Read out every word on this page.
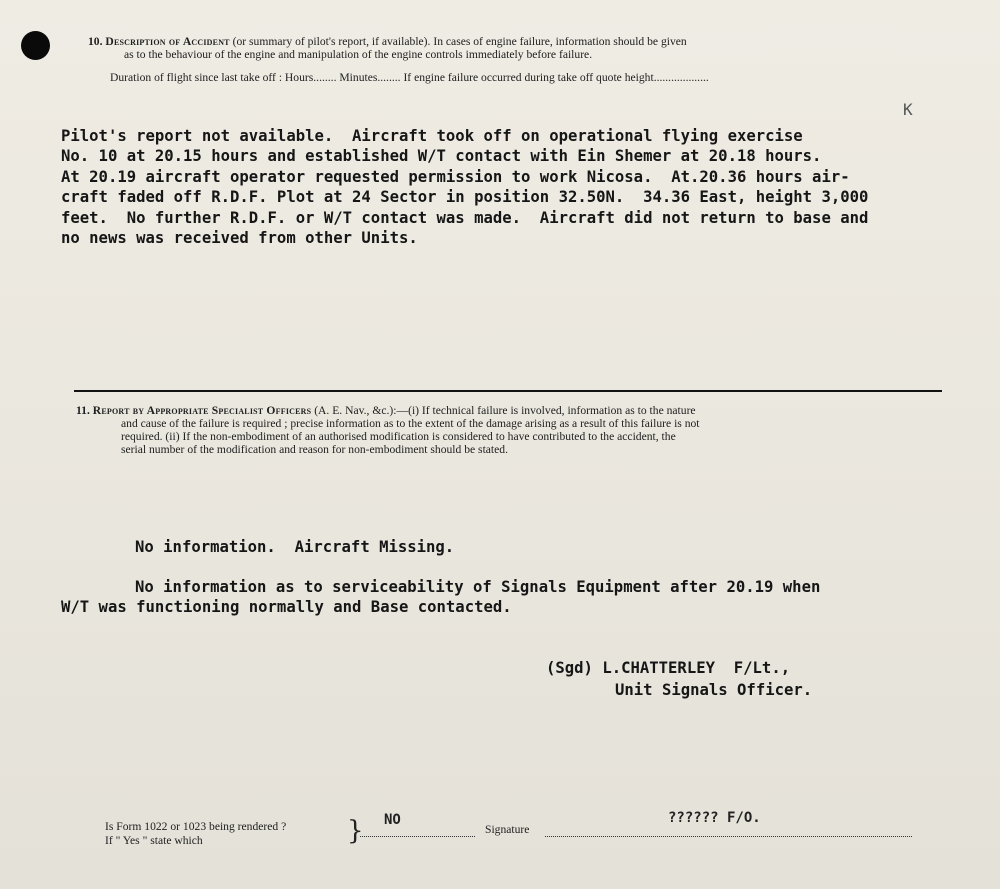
10. Description of Accident (or summary of pilot's report, if available). In cases of engine failure, information should be given
as to the behaviour of the engine and manipulation of the engine controls immediately before failure.
Duration of flight since last take off : Hours........ Minutes........ If engine failure occurred during take off quote height...................
K
Pilot's report not available.  Aircraft took off on operational flying exercise
No. 10 at 20.15 hours and established W/T contact with Ein Shemer at 20.18 hours.
At 20.19 aircraft operator requested permission to work Nicosa.  At.20.36 hours air-
craft faded off R.D.F. Plot at 24 Sector in position 32.50N.  34.36 East, height 3,000
feet.  No further R.D.F. or W/T contact was made.  Aircraft did not return to base and
no news was received from other Units.
11. Report by Appropriate Specialist Officers (A. E. Nav., &c.):—(i) If technical failure is involved, information as to the nature
and cause of the failure is required ; precise information as to the extent of the damage arising as a result of this failure is not
required. (ii) If the non-embodiment of an authorised modification is considered to have contributed to the accident, the
serial number of the modification and reason for non-embodiment should be stated.
No information.  Aircraft Missing.
No information as to serviceability of Signals Equipment after 20.19 when
W/T was functioning normally and Base contacted.
(Sgd) L.CHATTERLEY  F/Lt.,
Unit Signals Officer.
Is Form 1022 or 1023 being rendered ?
If " Yes " state which	} NO
Signature
?????? F/O.
